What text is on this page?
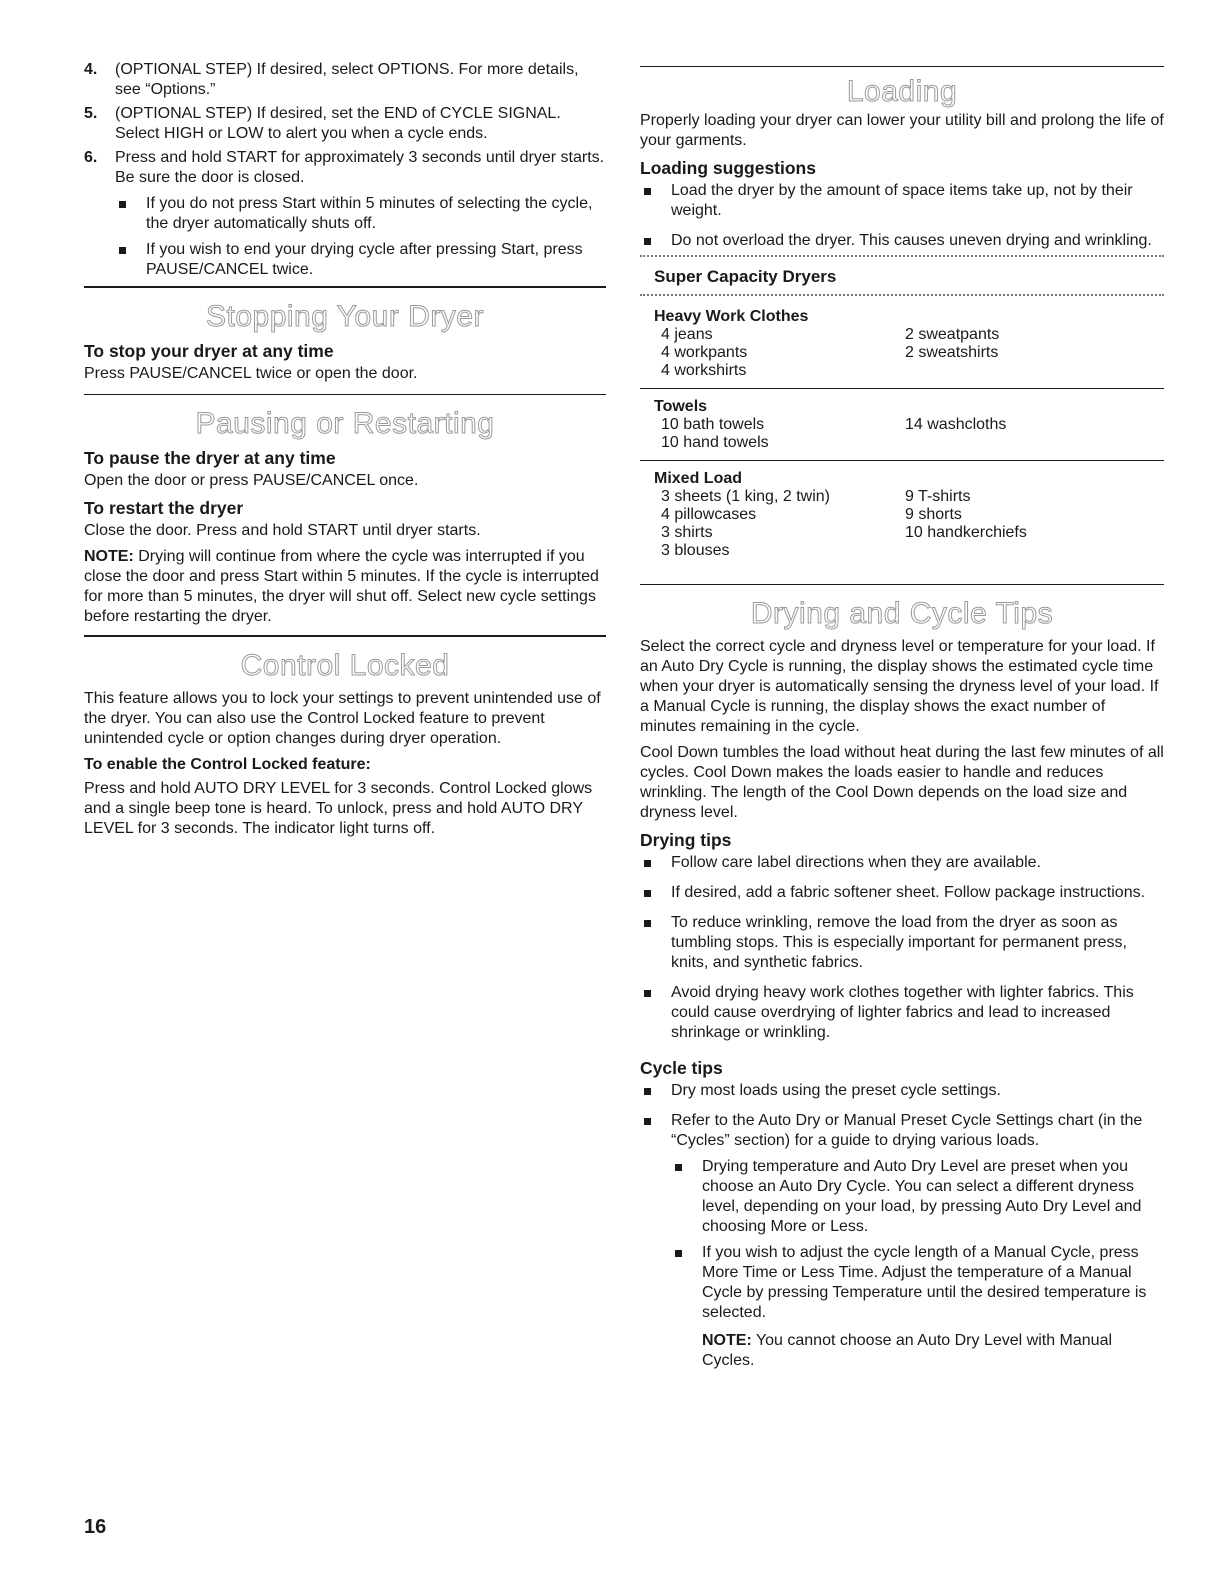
4. (OPTIONAL STEP) If desired, select OPTIONS. For more details, see “Options.”
5. (OPTIONAL STEP) If desired, set the END of CYCLE SIGNAL. Select HIGH or LOW to alert you when a cycle ends.
6. Press and hold START for approximately 3 seconds until dryer starts. Be sure the door is closed.
If you do not press Start within 5 minutes of selecting the cycle, the dryer automatically shuts off.
If you wish to end your drying cycle after pressing Start, press PAUSE/CANCEL twice.
Stopping Your Dryer
To stop your dryer at any time

Press PAUSE/CANCEL twice or open the door.

Pausing or Restarting
To pause the dryer at any time

Open the door or press PAUSE/CANCEL once.

To restart the dryer

Close the door. Press and hold START until dryer starts.

NOTE: Drying will continue from where the cycle was interrupted if you close the door and press Start within 5 minutes. If the cycle is interrupted for more than 5 minutes, the dryer will shut off. Select new cycle settings before restarting the dryer.

Control Locked

This feature allows you to lock your settings to prevent unintended use of the dryer. You can also use the Control Locked feature to prevent unintended cycle or option changes during dryer operation.

To enable the Control Locked feature:

Press and hold AUTO DRY LEVEL for 3 seconds. Control Locked glows and a single beep tone is heard. To unlock, press and hold AUTO DRY LEVEL for 3 seconds. The indicator light turns off.

Loading

Properly loading your dryer can lower your utility bill and prolong the life of your garments.

Loading suggestions
Load the dryer by the amount of space items take up, not by their weight.
Do not overload the dryer. This causes uneven drying and wrinkling.
Super Capacity Dryers
Heavy Work Clothes
4 jeans	2 sweatpants
4 workpants	2 sweatshirts
4 workshirts
Towels
10 bath towels	14 washcloths
10 hand towels
Mixed Load
3 sheets (1 king, 2 twin)	9 T-shirts
4 pillowcases	9 shorts
3 shirts	10 handkerchiefs
3 blouses
Drying and Cycle Tips

Select the correct cycle and dryness level or temperature for your load. If an Auto Dry Cycle is running, the display shows the estimated cycle time when your dryer is automatically sensing the dryness level of your load. If a Manual Cycle is running, the display shows the exact number of minutes remaining in the cycle.

Cool Down tumbles the load without heat during the last few minutes of all cycles. Cool Down makes the loads easier to handle and reduces wrinkling. The length of the Cool Down depends on the load size and dryness level.

Drying tips
Follow care label directions when they are available.
If desired, add a fabric softener sheet. Follow package instructions.
To reduce wrinkling, remove the load from the dryer as soon as tumbling stops. This is especially important for permanent press, knits, and synthetic fabrics.
Avoid drying heavy work clothes together with lighter fabrics. This could cause overdrying of lighter fabrics and lead to increased shrinkage or wrinkling.
Cycle tips
Dry most loads using the preset cycle settings.
Refer to the Auto Dry or Manual Preset Cycle Settings chart (in the “Cycles” section) for a guide to drying various loads.
Drying temperature and Auto Dry Level are preset when you choose an Auto Dry Cycle. You can select a different dryness level, depending on your load, by pressing Auto Dry Level and choosing More or Less.
If you wish to adjust the cycle length of a Manual Cycle, press More Time or Less Time. Adjust the temperature of a Manual Cycle by pressing Temperature until the desired temperature is selected.

NOTE: You cannot choose an Auto Dry Level with Manual Cycles.

16
